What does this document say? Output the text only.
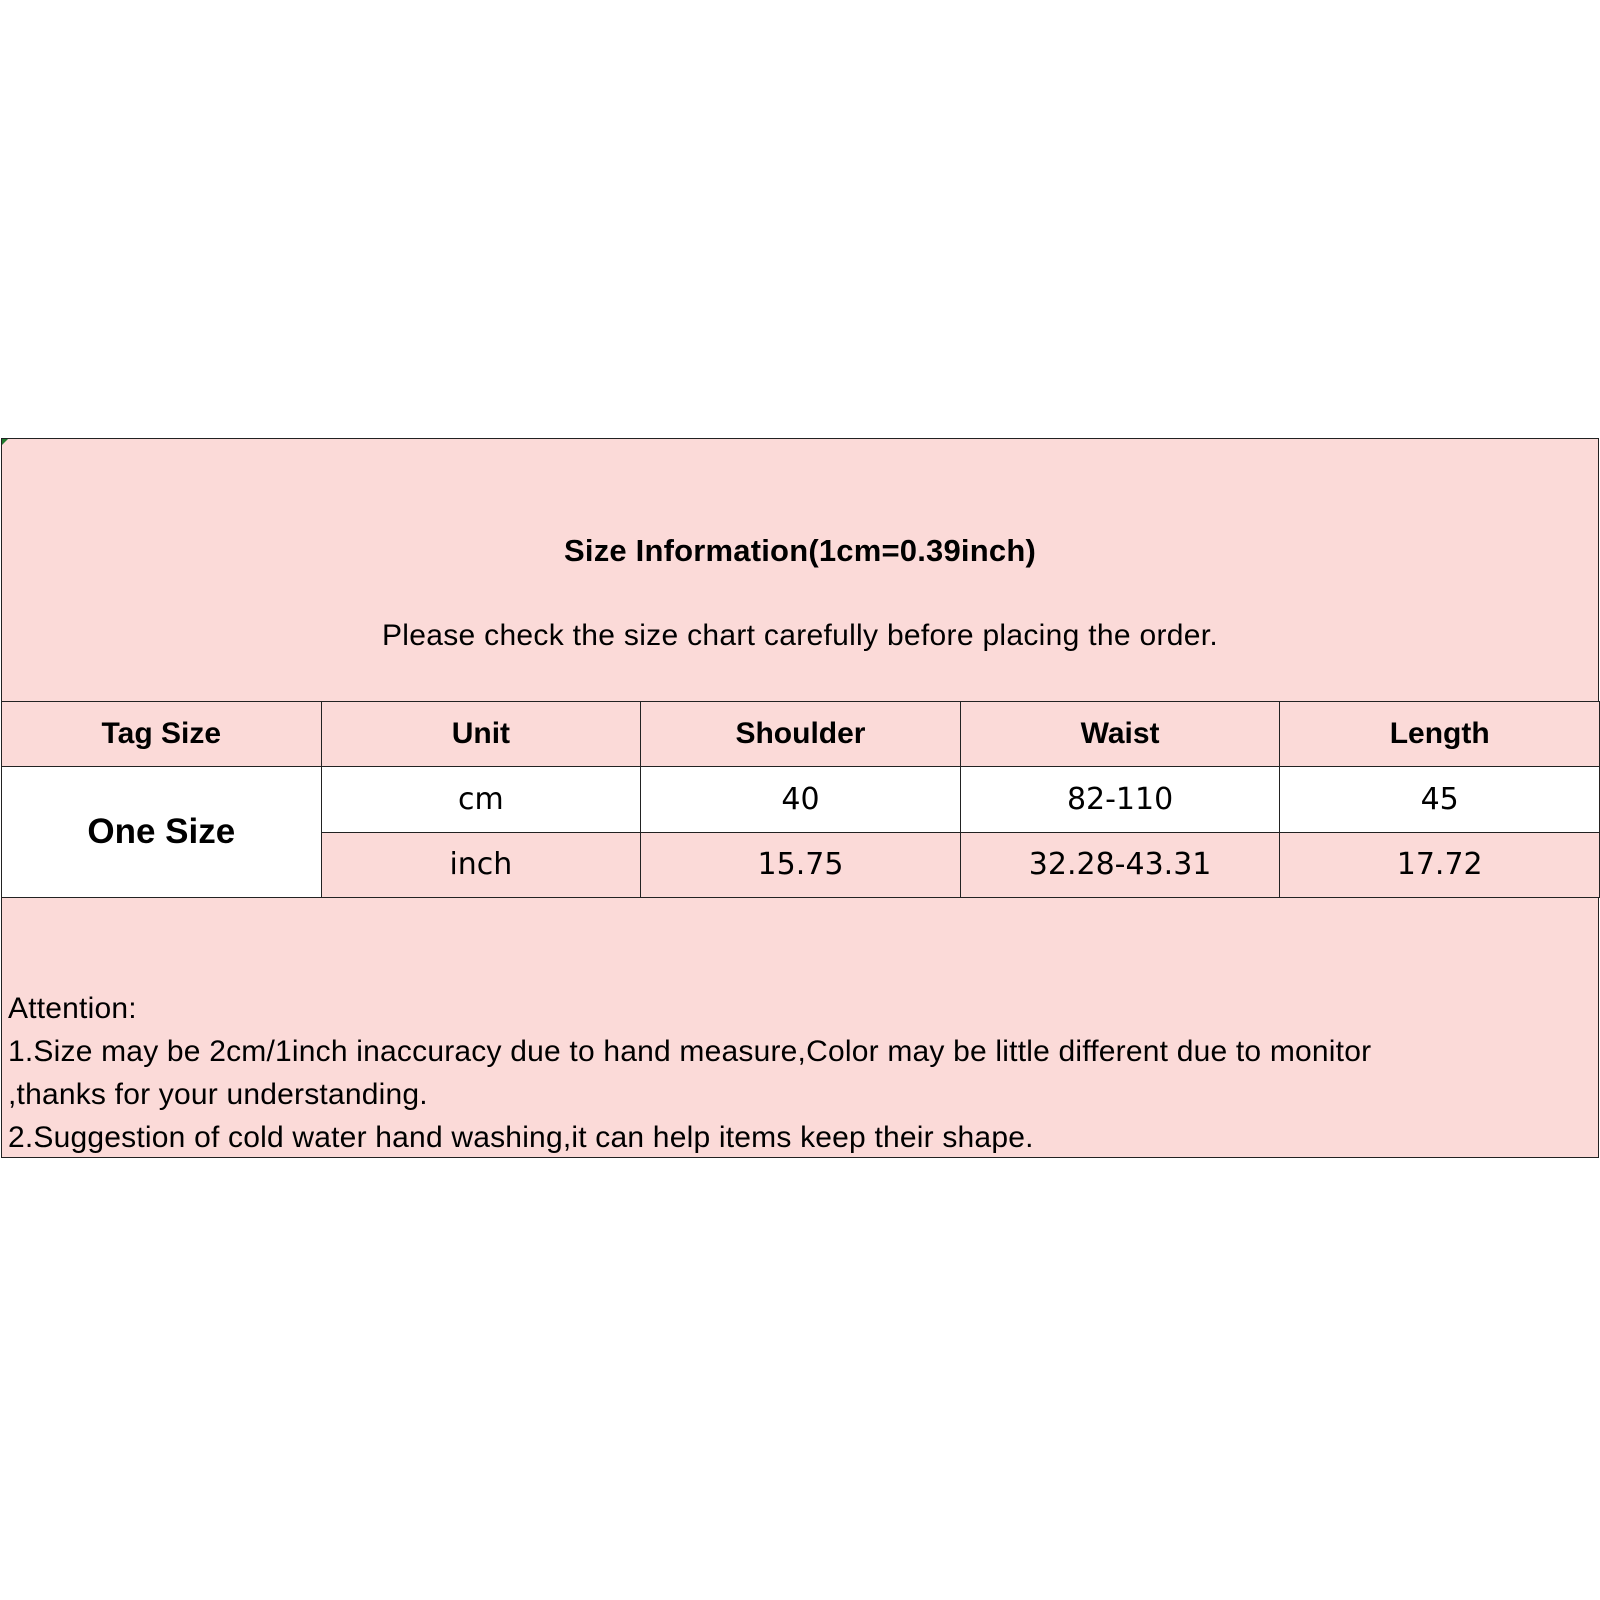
Size Information(1cm=0.39inch)
Please check the size chart carefully before placing the order.
Tag Size	Unit	Shoulder	Waist	Length
One Size	cm	40	82-110	45
	inch	15.75	32.28-43.31	17.72
Attention:
1.Size may be 2cm/1inch inaccuracy due to hand measure,Color may be little different due to monitor
,thanks for your understanding.
2.Suggestion of cold water hand washing,it can help items keep their shape.
